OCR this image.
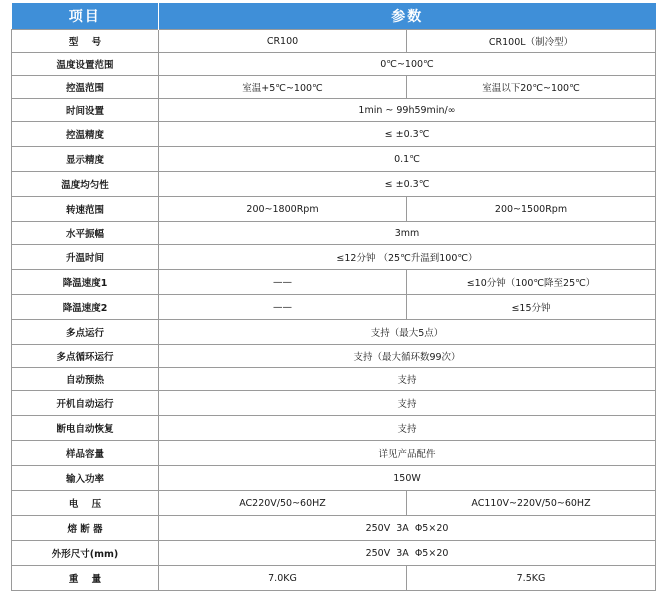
项目	参数	
型    号	CR100	CR100L（制冷型）
温度设置范围	0℃~100℃	
控温范围	室温+5℃~100℃	室温以下20℃~100℃
时间设置	1min ~ 99h59min/∞	
控温精度	≤ ±0.3℃	
显示精度	0.1℃	
温度均匀性	≤ ±0.3℃	
转速范围	200~1800Rpm	200~1500Rpm
水平振幅	3mm	
升温时间	≤12分钟 （25℃升温到100℃）	
降温速度1	——	≤10分钟（100℃降至25℃）
降温速度2	——	≤15分钟
多点运行	支持（最大5点）	
多点循环运行	支持（最大循环数99次）	
自动预热	支持	
开机自动运行	支持	
断电自动恢复	支持	
样品容量	详见产品配件	
输入功率	150W	
电    压	AC220V/50~60HZ	AC110V~220V/50~60HZ
熔 断 器	250V  3A  Φ5×20	
外形尺寸(mm)	250V  3A  Φ5×20	
重    量	7.0KG	7.5KG
